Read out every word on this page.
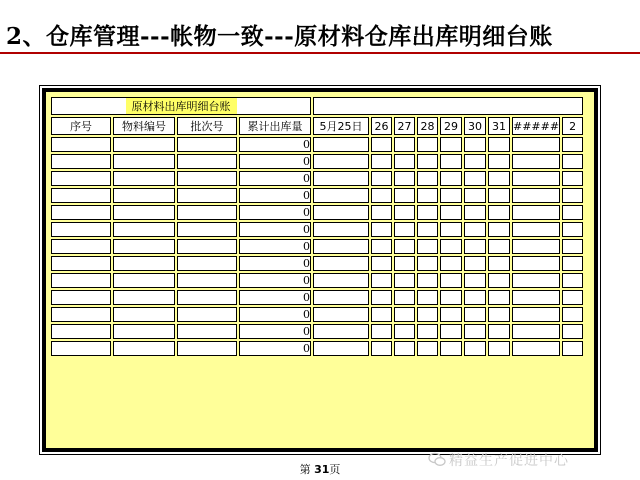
2、仓库管理---帐物一致---原材料仓库出库明细台账
原材料出库明细台账												
序号	物料编号	批次号	累计出库量	5月25日	26	27	28	29	30	31	#####	2
			0									
			0									
			0									
			0									
			0									
			0									
			0									
			0									
			0									
			0									
			0									
			0									
			0									
第 31页
精益生产促进中心
